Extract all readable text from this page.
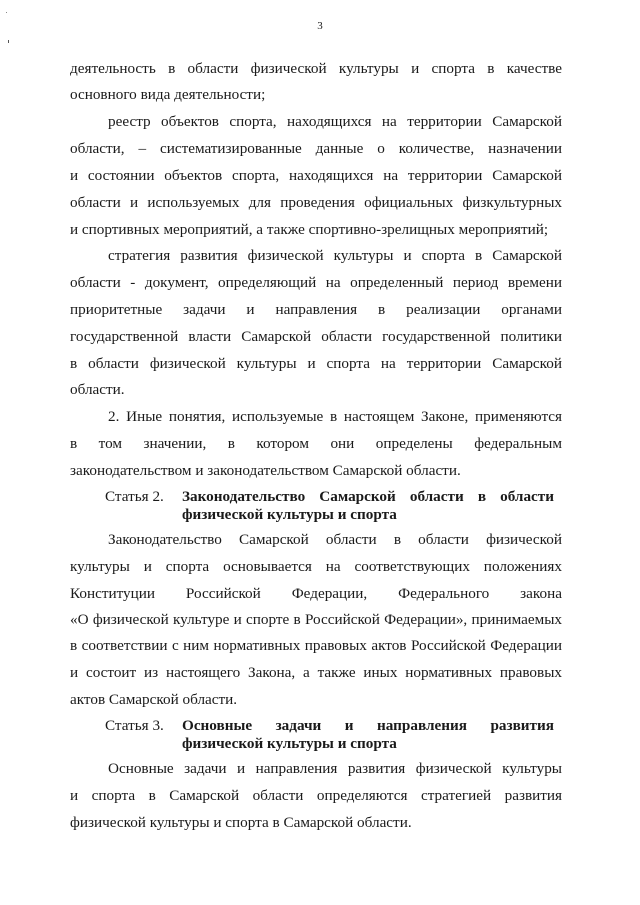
3
деятельность в области физической культуры и спорта в качестве
основного вида деятельности;
реестр объектов спорта, находящихся на территории Самарской
области, – систематизированные данные о количестве, назначении
и состоянии объектов спорта, находящихся на территории Самарской
области и используемых для проведения официальных физкультурных
и спортивных мероприятий, а также спортивно-зрелищных мероприятий;
стратегия развития физической культуры и спорта в Самарской
области - документ, определяющий на определенный период времени
приоритетные задачи и направления в реализации органами
государственной власти Самарской области государственной политики
в области физической культуры и спорта на территории Самарской
области.
2. Иные понятия, используемые в настоящем Законе, применяются
в том значении, в котором они определены федеральным
законодательством и законодательством Самарской области.
Статья 2. Законодательство Самарской области в области
физической культуры и спорта
Законодательство Самарской области в области физической
культуры и спорта основывается на соответствующих положениях
Конституции Российской Федерации, Федерального закона
«О физической культуре и спорте в Российской Федерации», принимаемых
в соответствии с ним нормативных правовых актов Российской Федерации
и состоит из настоящего Закона, а также иных нормативных правовых
актов Самарской области.
Статья 3. Основные задачи и направления развития
физической культуры и спорта
Основные задачи и направления развития физической культуры
и спорта в Самарской области определяются стратегией развития
физической культуры и спорта в Самарской области.
